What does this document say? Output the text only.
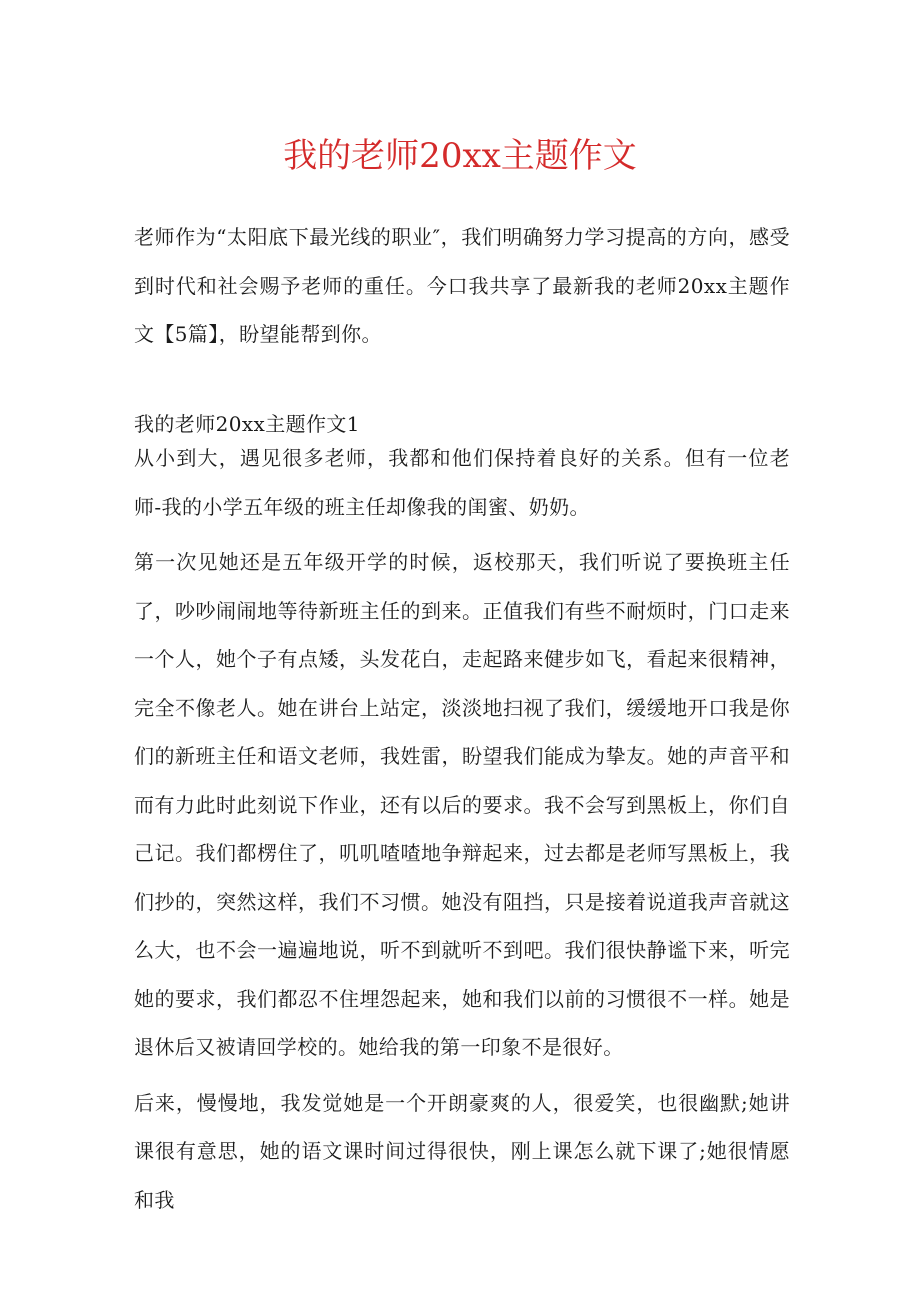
我的老师20xx主题作文

老师作为“太阳底下最光线的职业″，我们明确努力学习提高的方向，感受到时代和社会赐予老师的重任。今口我共享了最新我的老师20xx主题作文【5篇】，盼望能帮到你。

我的老师20xx主题作文1

从小到大，遇见很多老师，我都和他们保持着良好的关系。但有一位老师-我的小学五年级的班主任却像我的闺蜜、奶奶。

第一次见她还是五年级开学的时候，返校那天，我们听说了要换班主任了，吵吵闹闹地等待新班主任的到来。正值我们有些不耐烦时，门口走来一个人，她个子有点矮，头发花白，走起路来健步如飞，看起来很精神，完全不像老人。她在讲台上站定，淡淡地扫视了我们，缓缓地开口我是你们的新班主任和语文老师，我姓雷，盼望我们能成为挚友。她的声音平和而有力此时此刻说下作业，还有以后的要求。我不会写到黑板上，你们自己记。我们都楞住了，叽叽喳喳地争辩起来，过去都是老师写黑板上，我们抄的，突然这样，我们不习惯。她没有阻挡，只是接着说道我声音就这么大，也不会一遍遍地说，听不到就听不到吧。我们很快静谧下来，听完她的要求，我们都忍不住埋怨起来，她和我们以前的习惯很不一样。她是退休后又被请回学校的。她给我的第一印象不是很好。

后来，慢慢地，我发觉她是一个开朗豪爽的人，很爱笑，也很幽默;她讲课很有意思，她的语文课时间过得很快，刚上课怎么就下课了;她很情愿和我
